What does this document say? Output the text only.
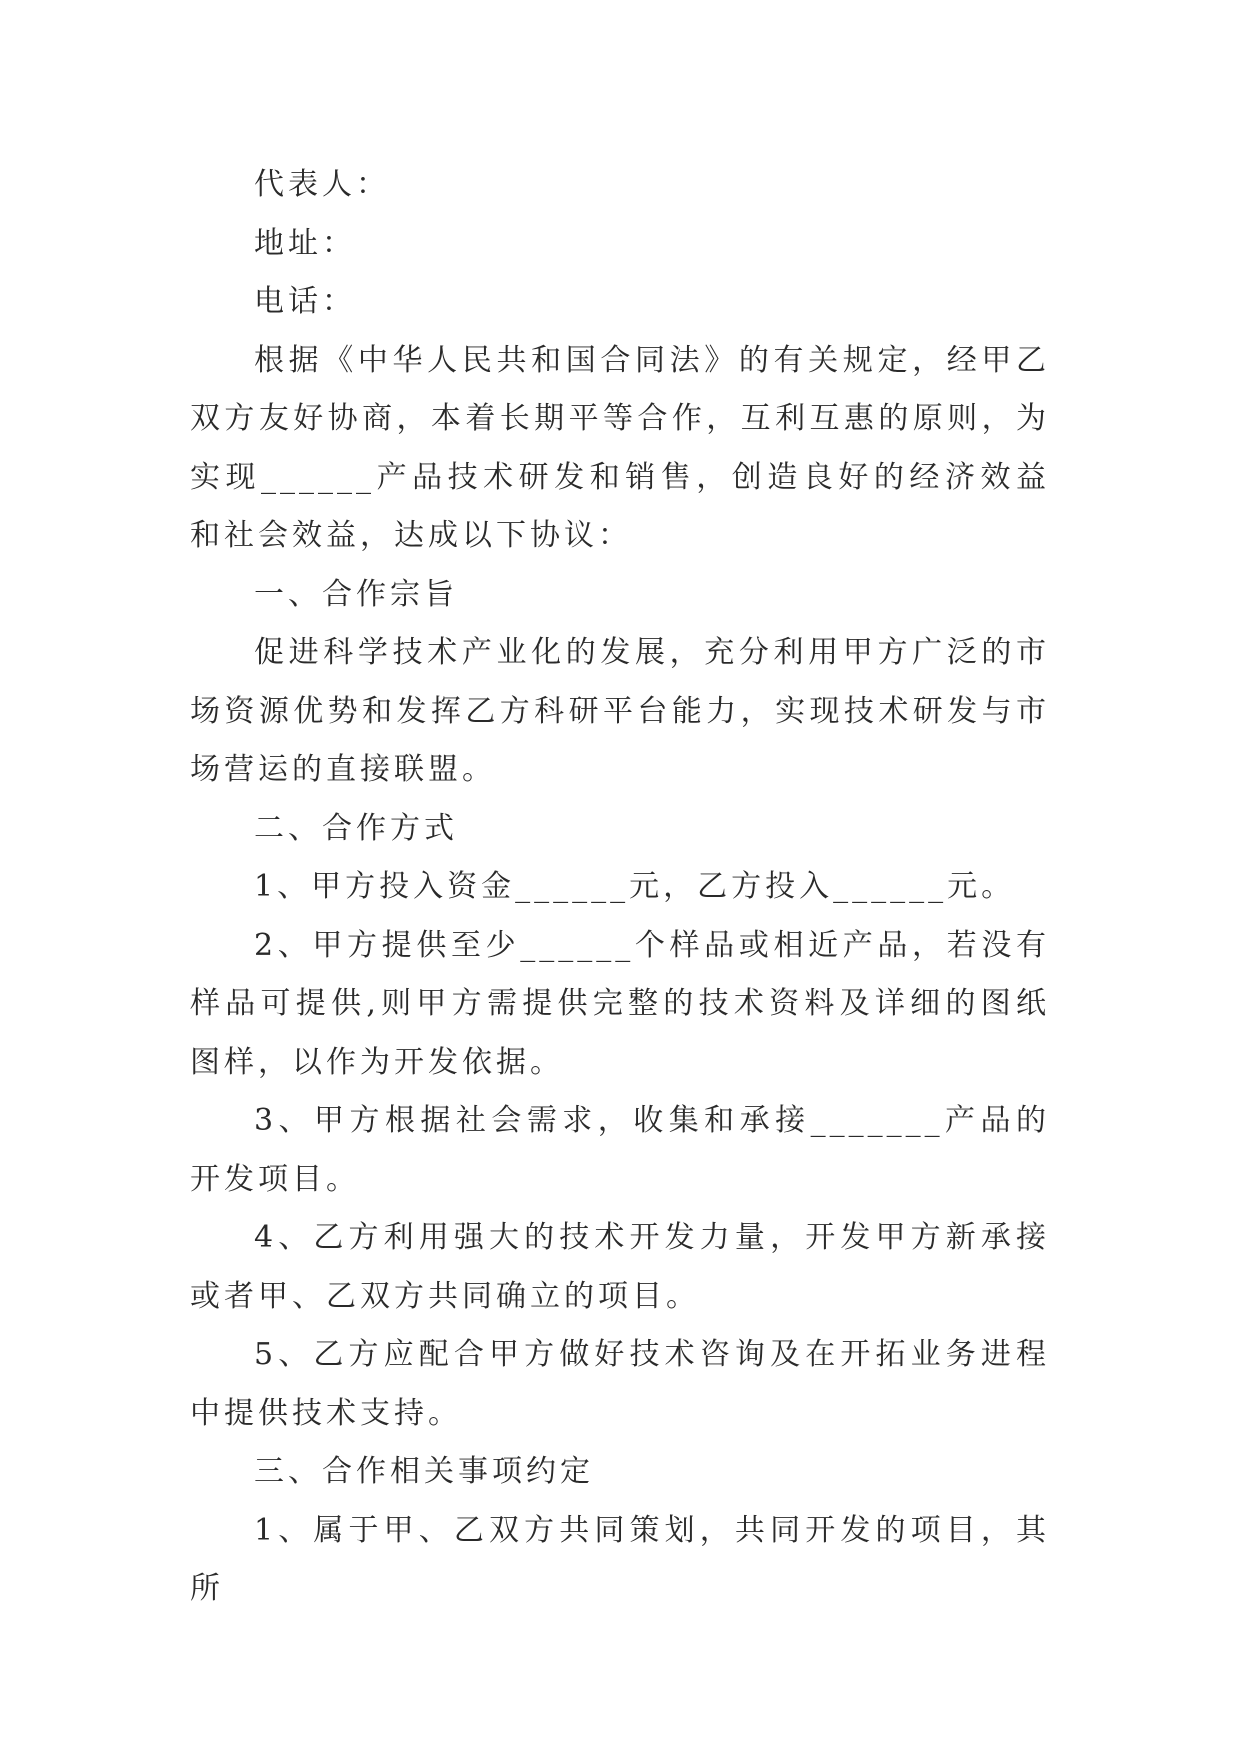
代表人：

地址：

电话：

根据《中华人民共和国合同法》的有关规定，经甲乙双方友好协商，本着长期平等合作，互利互惠的原则，为实现______产品技术研发和销售，创造良好的经济效益和社会效益，达成以下协议：

一、合作宗旨

促进科学技术产业化的发展，充分利用甲方广泛的市场资源优势和发挥乙方科研平台能力，实现技术研发与市场营运的直接联盟。

二、合作方式

1、甲方投入资金______元，乙方投入______元。

2、甲方提供至少______个样品或相近产品，若没有样品可提供,则甲方需提供完整的技术资料及详细的图纸图样，以作为开发依据。

3、甲方根据社会需求，收集和承接_______产品的开发项目。

4、乙方利用强大的技术开发力量，开发甲方新承接或者甲、乙双方共同确立的项目。

5、乙方应配合甲方做好技术咨询及在开拓业务进程中提供技术支持。

三、合作相关事项约定

1、属于甲、乙双方共同策划，共同开发的项目，其所
